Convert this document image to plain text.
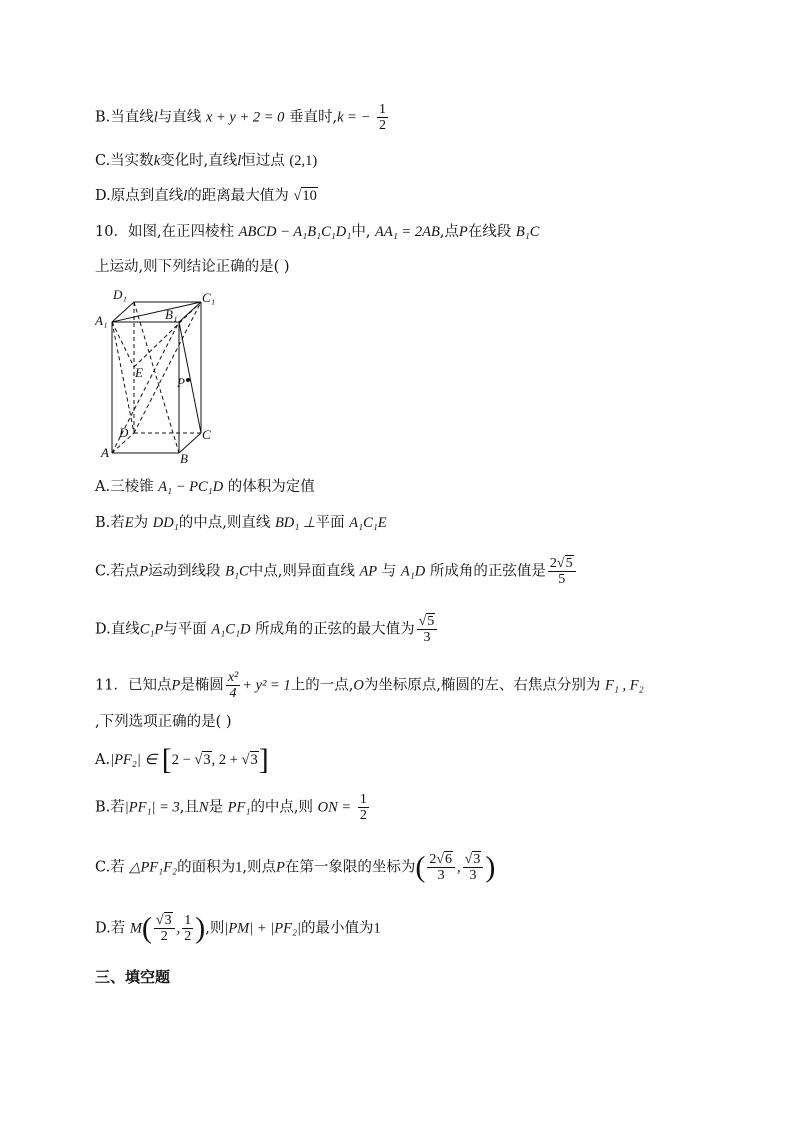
B.当直线l与直线 x + y + 2 = 0 垂直时,k = − $\frac{1}{2}$
C.当实数k变化时,直线l恒过点 (2,1)
D.原点到直线l的距离最大值为 √10
10．如图,在正四棱柱 ABCD − A₁B₁C₁D₁中, AA₁ = 2AB,点P在线段 B₁C
上运动,则下列结论正确的是( )
D₁	C₁
A₁	B₁
E
P
D	C
A	B
A.三棱锥 A₁ − PC₁D 的体积为定值
B.若E为 DD₁的中点,则直线 BD₁ ⊥平面 A₁C₁E
C.若点P运动到线段 B₁C中点,则异面直线 AP 与 A₁D 所成角的正弦值是 $\frac{2√5}{5}$
D.直线C₁P与平面 A₁C₁D 所成角的正弦的最大值为 $\frac{√5}{3}$
11．已知点P是椭圆 $\frac{\text{x²}}{4} + y^2 = 1$上的一点,O为坐标原点,椭圆的左、右焦点分别为 F₁ , F₂
,下列选项正确的是( )
A.|PF₂| ∈ [2 − √3, 2 + √3]
B.若|PF₁| = 3,且N是 PF₁的中点,则 ON = $\frac{1}{2}$
C.若 △PF₁F₂的面积为1,则点P在第一象限的坐标为( $\frac{2√6}{3}$ , $\frac{√3}{3}$ )
D.若 $M( \frac{√3}{2}$ , $\frac{1}{2}$ ),则|PM| + |PF₂|的最小值为1
三、填空题
